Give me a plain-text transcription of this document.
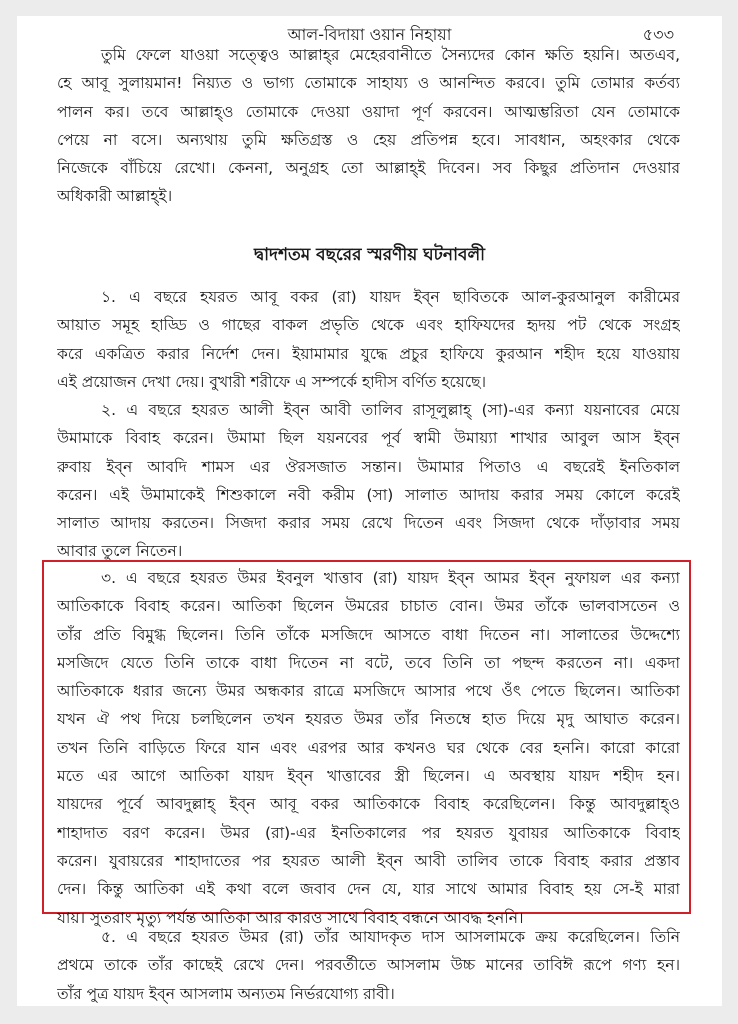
আল-বিদায়া ওয়ান নিহায়া	৫৩৩
তুমি ফেলে যাওয়া সত্ত্বেও আল্লাহ্‌র মেহেরবানীতে সৈন্যদের কোন ক্ষতি হয়নি। অতএব,
হে আবূ সুলায়মান! নিয়্যত ও ভাগ্য তোমাকে সাহায্য ও আনন্দিত করবে। তুমি তোমার কর্তব্য
পালন কর। তবে আল্লাহ্‌ও তোমাকে দেওয়া ওয়াদা পূর্ণ করবেন। আত্মম্ভরিতা যেন তোমাকে
পেয়ে না বসে। অন্যথায় তুমি ক্ষতিগ্রস্ত ও হেয় প্রতিপন্ন হবে। সাবধান, অহংকার থেকে
নিজেকে বাঁচিয়ে রেখো। কেননা, অনুগ্রহ তো আল্লাহ্‌ই দিবেন। সব কিছুর প্রতিদান দেওয়ার
অধিকারী আল্লাহ্‌ই।
দ্বাদশতম বছরের স্মরণীয় ঘটনাবলী
১. এ বছরে হযরত আবূ বকর (রা) যায়দ ইব্‌ন ছাবিতকে আল-কুরআনুল কারীমের
আয়াত সমূহ হাড্ডি ও গাছের বাকল প্রভৃতি থেকে এবং হাফিযদের হৃদয় পট থেকে সংগ্রহ
করে একত্রিত করার নির্দেশ দেন। ইয়ামামার যুদ্ধে প্রচুর হাফিযে কুরআন শহীদ হয়ে যাওয়ায়
এই প্রয়োজন দেখা দেয়। বুখারী শরীফে এ সম্পর্কে হাদীস বর্ণিত হয়েছে।
২. এ বছরে হযরত আলী ইব্‌ন আবী তালিব রাসূলুল্লাহ্‌ (সা)-এর কন্যা যয়নাবের মেয়ে
উমামাকে বিবাহ করেন। উমামা ছিল যয়নবের পূর্ব স্বামী উমায়্যা শাখার আবুল আস ইব্‌ন
রুবায় ইব্‌ন আবদি শামস এর ঔরসজাত সন্তান। উমামার পিতাও এ বছরেই ইনতিকাল
করেন। এই উমামাকেই শিশুকালে নবী করীম (সা) সালাত আদায় করার সময় কোলে করেই
সালাত আদায় করতেন। সিজদা করার সময় রেখে দিতেন এবং সিজদা থেকে দাঁড়াবার সময়
আবার তুলে নিতেন।
৩. এ বছরে হযরত উমর ইবনুল খাত্তাব (রা) যায়দ ইব্‌ন আমর ইব্‌ন নুফায়ল এর কন্যা
আতিকাকে বিবাহ করেন। আতিকা ছিলেন উমরের চাচাত বোন। উমর তাঁকে ভালবাসতেন ও
তাঁর প্রতি বিমুগ্ধ ছিলেন। তিনি তাঁকে মসজিদে আসতে বাধা দিতেন না। সালাতের উদ্দেশ্যে
মসজিদে যেতে তিনি তাকে বাধা দিতেন না বটে, তবে তিনি তা পছন্দ করতেন না। একদা
আতিকাকে ধরার জন্যে উমর অন্ধকার রাত্রে মসজিদে আসার পথে ওঁৎ পেতে ছিলেন। আতিকা
যখন ঐ পথ দিয়ে চলছিলেন তখন হযরত উমর তাঁর নিতম্বে হাত দিয়ে মৃদু আঘাত করেন।
তখন তিনি বাড়িতে ফিরে যান এবং এরপর আর কখনও ঘর থেকে বের হননি। কারো কারো
মতে এর আগে আতিকা যায়দ ইব্‌ন খাত্তাবের স্ত্রী ছিলেন। এ অবস্থায় যায়দ শহীদ হন।
যায়দের পূর্বে আবদুল্লাহ্‌ ইব্‌ন আবূ বকর আতিকাকে বিবাহ করেছিলেন। কিন্তু আবদুল্লাহ্‌ও
শাহাদাত বরণ করেন। উমর (রা)-এর ইনতিকালের পর হযরত যুবায়র আতিকাকে বিবাহ
করেন। যুবায়রের শাহাদাতের পর হযরত আলী ইব্‌ন আবী তালিব তাকে বিবাহ করার প্রস্তাব
দেন। কিন্তু আতিকা এই কথা বলে জবাব দেন যে, যার সাথে আমার বিবাহ হয় সে-ই মারা
যায়। সুতরাং মৃত্যু পর্যন্ত আতিকা আর কারও সাথে বিবাহ বন্ধনে আবদ্ধ হননি।
৫. এ বছরে হযরত উমর (রা) তাঁর আযাদকৃত দাস আসলামকে ক্রয় করেছিলেন। তিনি
প্রথমে তাকে তাঁর কাছেই রেখে দেন। পরবর্তীতে আসলাম উচ্চ মানের তাবিঈ রূপে গণ্য হন।
তাঁর পুত্র যায়দ ইব্‌ন আসলাম অন্যতম নির্ভরযোগ্য রাবী।
